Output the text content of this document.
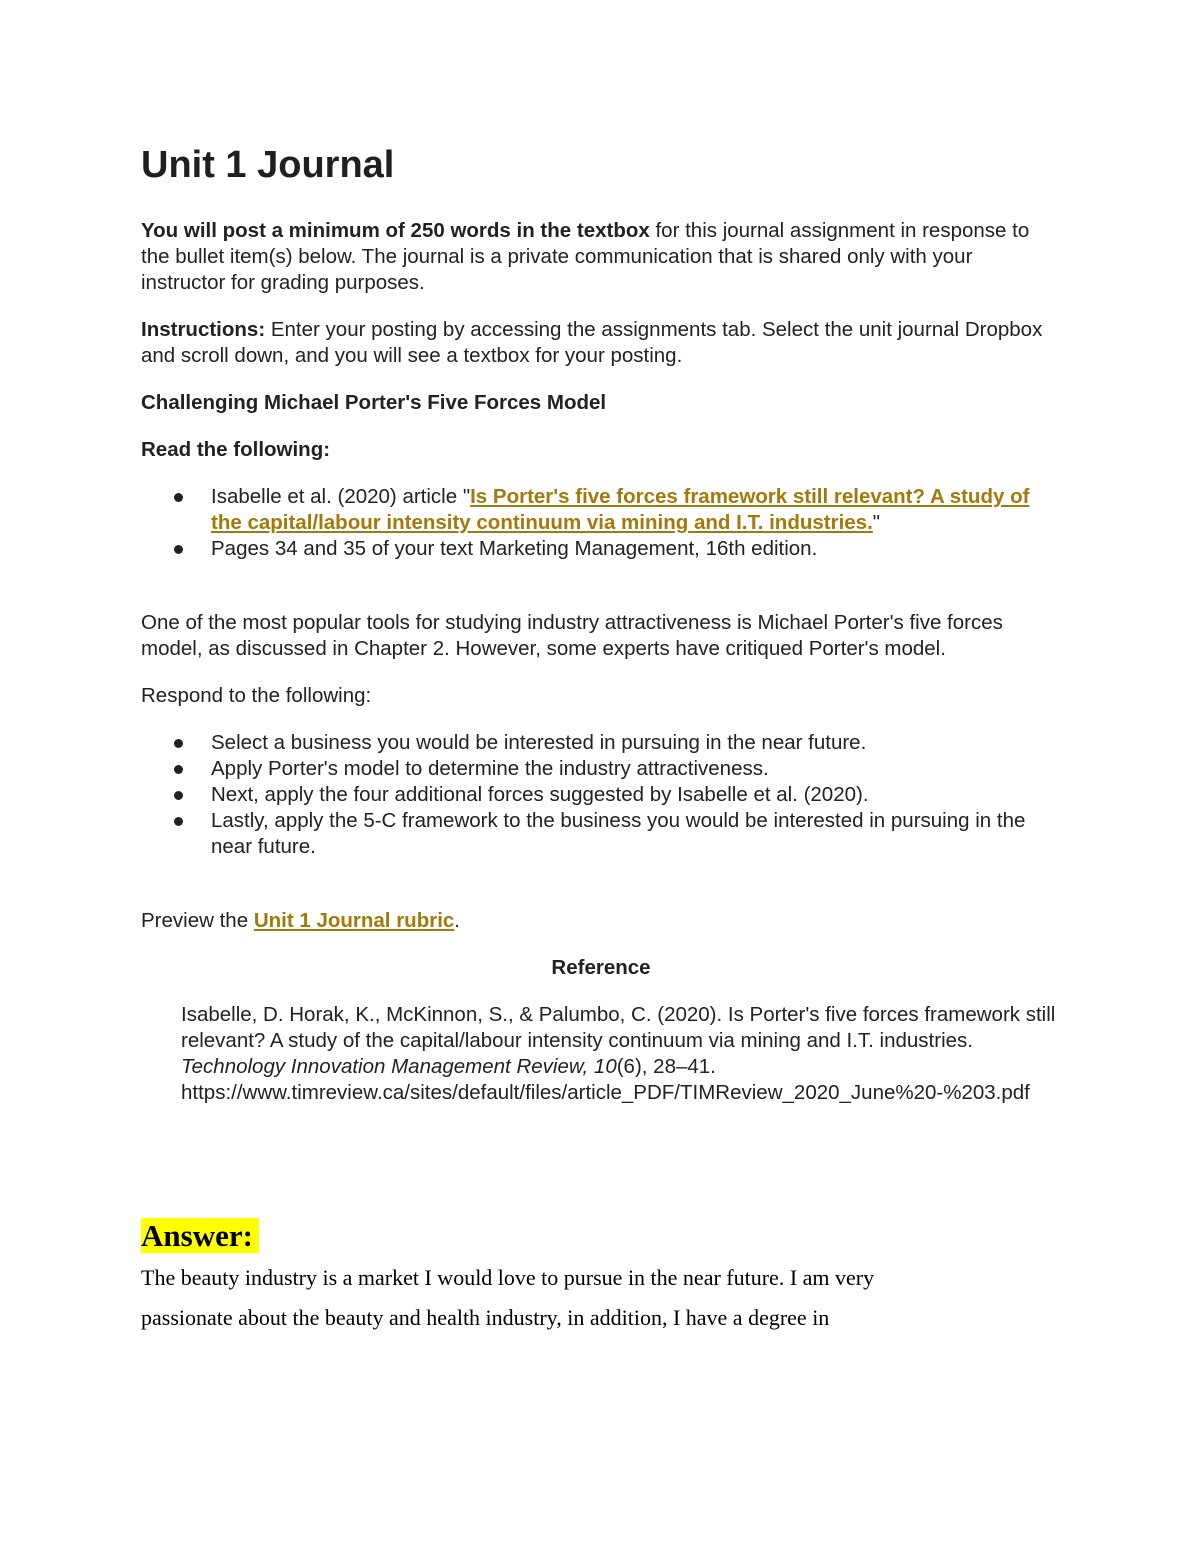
Unit 1 Journal

You will post a minimum of 250 words in the textbox for this journal assignment in response to the bullet item(s) below. The journal is a private communication that is shared only with your instructor for grading purposes.

Instructions: Enter your posting by accessing the assignments tab. Select the unit journal Dropbox and scroll down, and you will see a textbox for your posting.

Challenging Michael Porter's Five Forces Model

Read the following:

Isabelle et al. (2020) article "Is Porter's five forces framework still relevant? A study of the capital/labour intensity continuum via mining and I.T. industries."
Pages 34 and 35 of your text Marketing Management, 16th edition.

One of the most popular tools for studying industry attractiveness is Michael Porter's five forces model, as discussed in Chapter 2. However, some experts have critiqued Porter's model.

Respond to the following:

Select a business you would be interested in pursuing in the near future.
Apply Porter's model to determine the industry attractiveness.
Next, apply the four additional forces suggested by Isabelle et al. (2020).
Lastly, apply the 5-C framework to the business you would be interested in pursuing in the near future.

Preview the Unit 1 Journal rubric.

Reference

Isabelle, D. Horak, K., McKinnon, S., & Palumbo, C. (2020). Is Porter's five forces framework still relevant? A study of the capital/labour intensity continuum via mining and I.T. industries. Technology Innovation Management Review, 10(6), 28–41.
https://www.timreview.ca/sites/default/files/article_PDF/TIMReview_2020_June%20-%203.pdf

Answer:

The beauty industry is a market I would love to pursue in the near future. I am very passionate about the beauty and health industry, in addition, I have a degree in
